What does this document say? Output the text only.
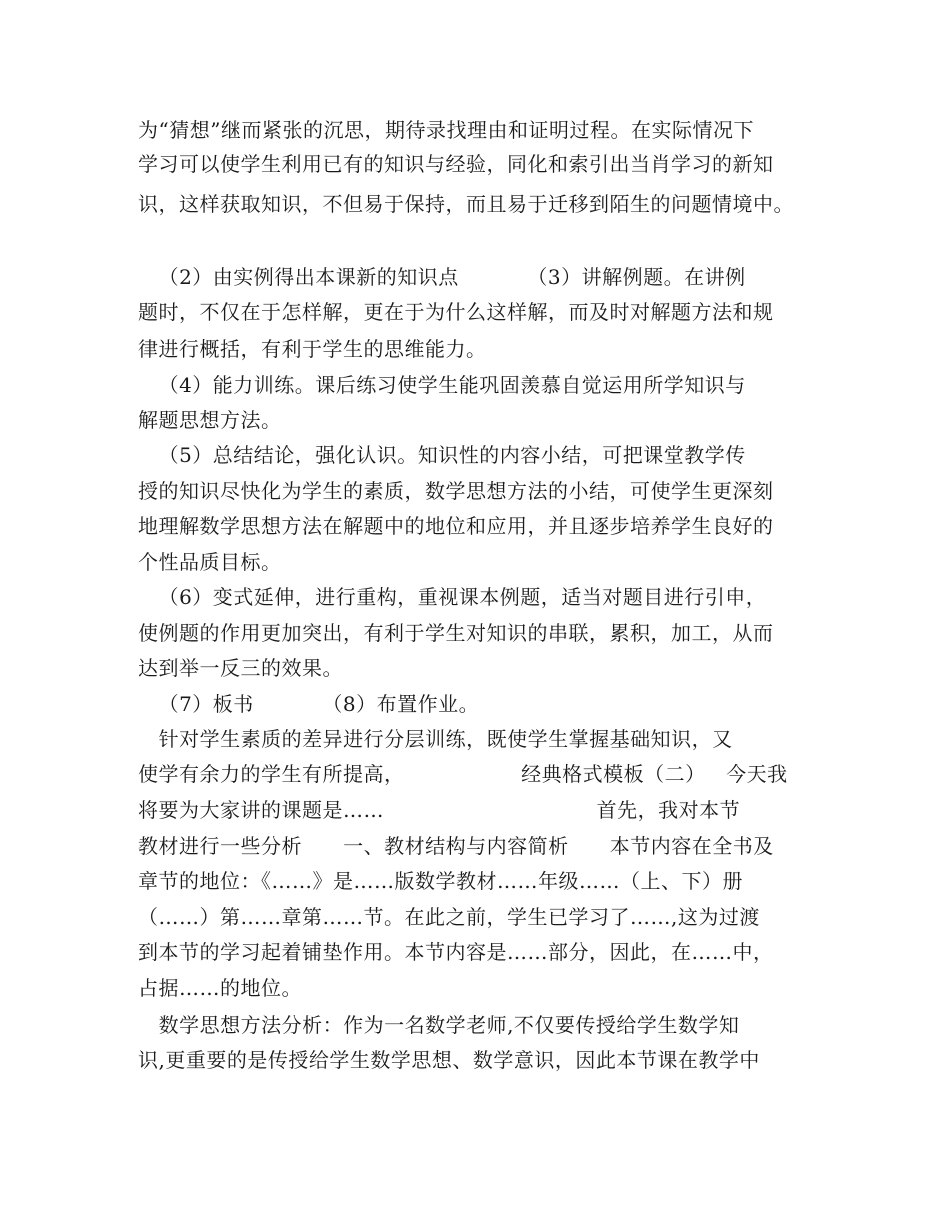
为“猜想”继而紧张的沉思，期待录找理由和证明过程。在实际情况下
学习可以使学生利用已有的知识与经验，同化和索引出当肖学习的新知
识，这样获取知识，不但易于保持，而且易于迁移到陌生的问题情境中。
（2）由实例得出本课新的知识点          （3）讲解例题。在讲例
题时，不仅在于怎样解，更在于为什么这样解，而及时对解题方法和规
律进行概括，有利于学生的思维能力。
（4）能力训练。课后练习使学生能巩固羡慕自觉运用所学知识与
解题思想方法。
（5）总结结论，强化认识。知识性的内容小结，可把课堂教学传
授的知识尽快化为学生的素质，数学思想方法的小结，可使学生更深刻
地理解数学思想方法在解题中的地位和应用，并且逐步培养学生良好的
个性品质目标。
（6）变式延伸，进行重构，重视课本例题，适当对题目进行引申，
使例题的作用更加突出，有利于学生对知识的串联，累积，加工，从而
达到举一反三的效果。
（7）板书          （8）布置作业。
针对学生素质的差异进行分层训练，既使学生掌握基础知识，又
使学有余力的学生有所提高，                 经典格式模板（二）   今天我
将要为大家讲的课题是……                               首先，我对本节
教材进行一些分析      一、教材结构与内容简析      本节内容在全书及
章节的地位：《……》是……版数学教材……年级……（上、下）册
（……）第……章第……节。在此之前，学生已学习了……,这为过渡
到本节的学习起着铺垫作用。本节内容是……部分，因此，在……中，
占据……的地位。
数学思想方法分析：作为一名数学老师,不仅要传授给学生数学知
识,更重要的是传授给学生数学思想、数学意识，因此本节课在教学中
